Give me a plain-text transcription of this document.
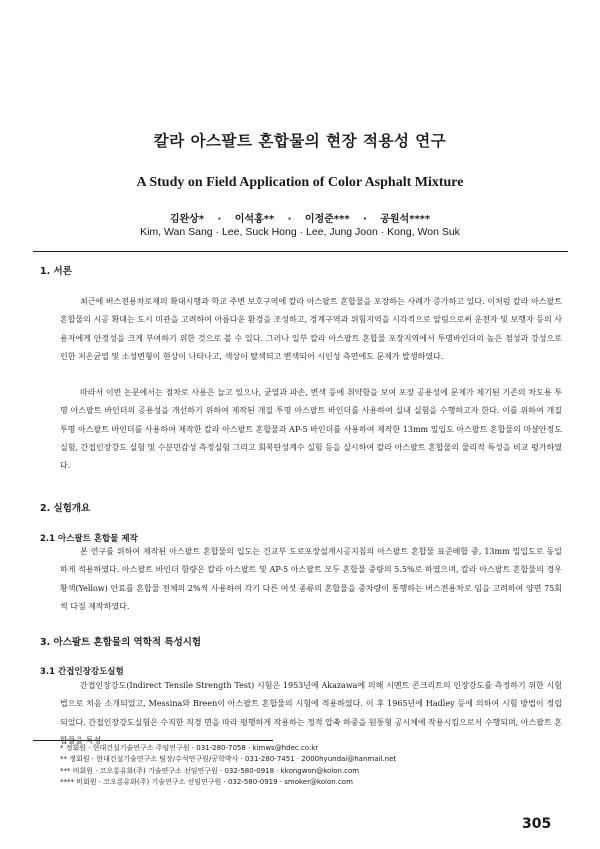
칼라 아스팔트 혼합물의 현장 적용성 연구
A Study on Field Application of Color Asphalt Mixture
김완상*   ·   이석홍**   ·   이정준***   ·   공원석****
Kim, Wan Sang · Lee, Suck Hong · Lee, Jung Joon · Kong, Won Suk
1. 서론

최근에 버스전용차로제의 확대시행과 학교 주변 보호구역에 칼라 아스팔트 혼합물을 포장하는 사례가 증가하고 있다. 이처럼 칼라 아스팔트 혼합물의 시공 확대는 도시 미관을 고려하여 아름다운 환경을 조성하고, 경계구역과 위험지역을 시각적으로 알림으로써 운전자 및 보행자 등의 사용자에게 안정성을 크게 부여하기 위한 것으로 볼 수 있다. 그러나 일부 칼라 아스팔트 혼합물 포장지역에서 투명바인더의 높은 점성과 강성으로 인한 저온균열 및 소성변형이 현상이 나타나고, 색상이 탈색되고 변색되어 시인성 측면에도 문제가 발생하였다.

따라서 이번 논문에서는 점차로 사용은 늘고 있으나, 균열과 파손, 변색 등에 취약함을 보여 포장 공용성에 문제가 제기된 기존의 차도용 투명 아스팔트 바인더의 공용성을 개선하기 위하여 제작된 개질 투명 아스팔트 바인더를 사용하여 실내 실험을 수행하고자 한다. 이를 위하여 개질 투명 아스팔트 바인더를 사용하여 제작한 칼라 아스팔트 혼합물과 AP-5 바인더를 사용하여 제작한 13mm 밀입도 아스팔트 혼합물의 마샬안정도실험, 간접인장강도 실험 및 수분민감성 측정실험 그리고 회복탄성계수 실험 등을 실시하여 칼라 아스팔트 혼합물의 물리적 특성을 비교 평가하였다.

2. 실험개요
2.1 아스팔트 혼합물 제작

본 연구를 위하여 제작된 아스팔트 혼합물의 입도는 건교부 도로포장설계시공지침의 아스팔트 혼합물 표준배합 중, 13mm 밀입도로 동일하게 적용하였다. 아스팔트 바인더 함량은 칼라 아스팔트 및 AP-5 아스팔트 모두 혼합물 중량의 5.5%로 하였으며, 칼라 아스팔트 혼합물의 경우 황색(Yellow) 안료를 혼합물 전체의 2%씩 사용하여 각기 다른 여섯 종류의 혼합물을 중차량이 통행하는 버스전용차로 임을 고려하여 양면 75회씩 다짐 제작하였다.

3. 아스팔트 혼합물의 역학적 특성시험
3.1 간접인장강도실험

간접인장강도(Indirect Tensile Strength Test) 시험은 1953년에 Akazawa에 의해 시멘트 콘크리트의 인장강도를 측정하기 위한 시험법으로 처음 소개되었고, Messina와 Breen이 아스팔트 혼합물의 시험에 적용하였다. 이 후 1965년에 Hadley 등에 의하여 시험 방법이 정립되었다. 간접인장강도실험은 수직한 직경 면을 따라 평행하게 작용하는 정적 압축 하중을 원통형 공시체에 작용시킴으로서 수행되며, 아스팔트 혼합물을 특성

* 정회원 · 현대건설기술연구소 주임연구원 · 031-280-7058 · kimws@hdec.co.kr
** 정회원 · 현대건설기술연구소 팀장/수석연구원/공학박사 · 031-280-7451 · 2000hyundai@hanmail.net
*** 비회원 · 코오롱유화(주) 기술연구소 선임연구원 · 032-580-0918 · kkongwon@kolon.com
**** 비회원 · 코오롱유화(주) 기술연구소 선임연구원 · 032-580-0919 · smoker@kolon.com
305
